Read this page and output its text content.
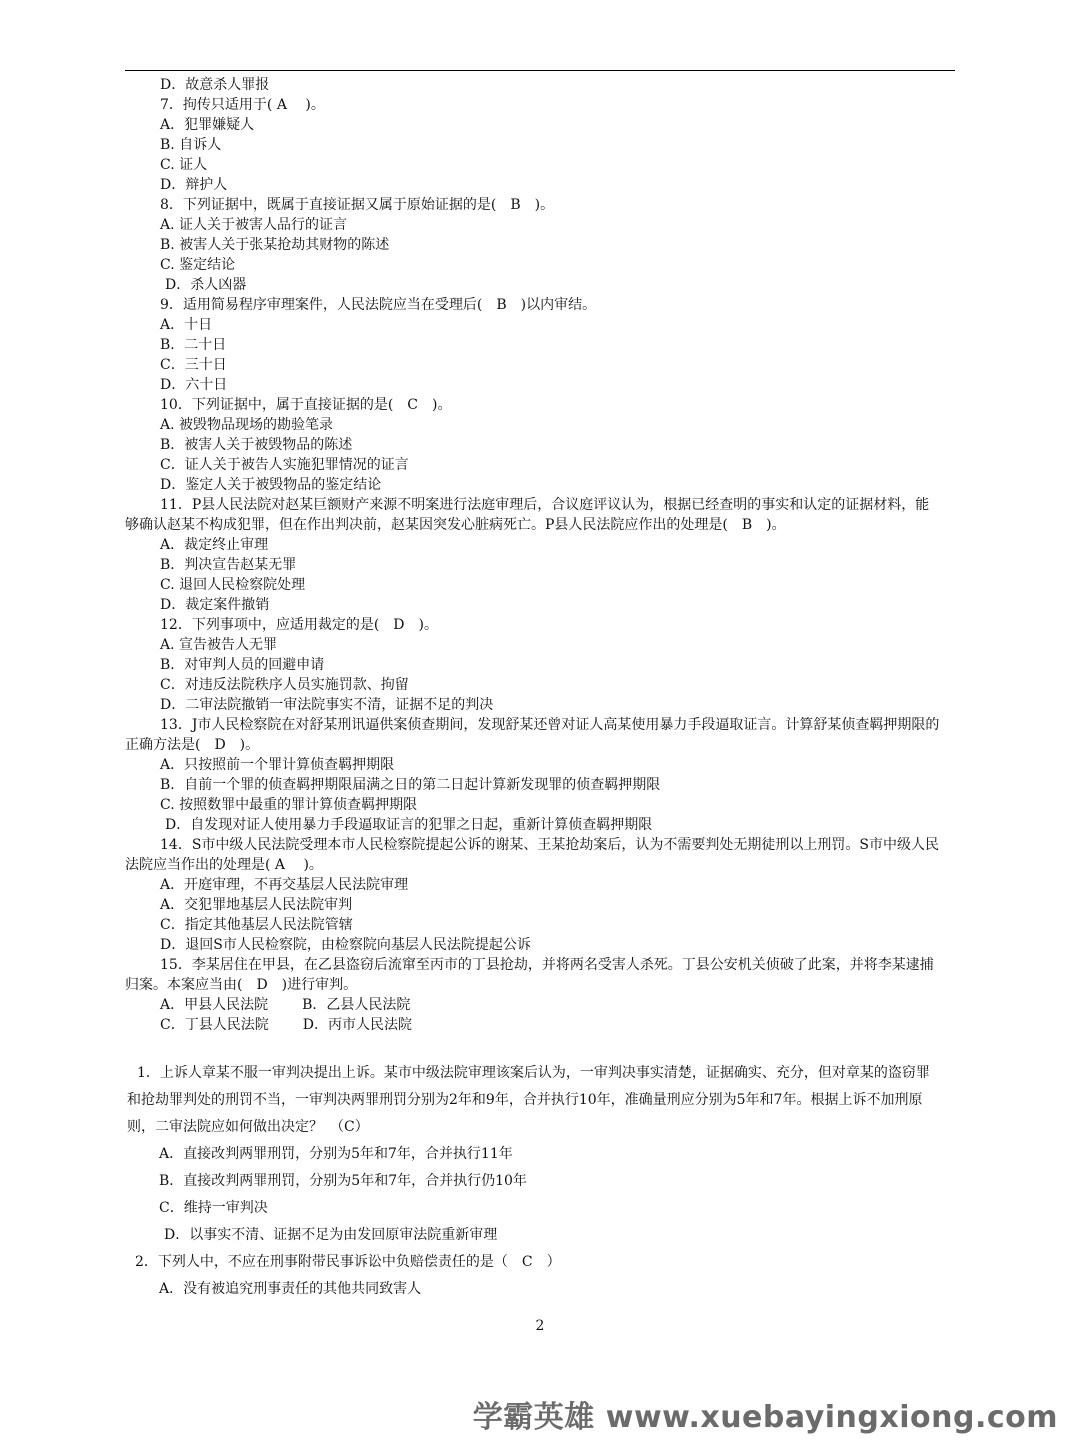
D．故意杀人罪报
7．拘传只适用于( A　 )。
A．犯罪嫌疑人
B. 自诉人
C. 证人
D．辩护人
8．下列证据中，既属于直接证据又属于原始证据的是(　B　)。
A. 证人关于被害人品行的证言
B. 被害人关于张某抢劫其财物的陈述
C. 鉴定结论
D．杀人凶器
9．适用简易程序审理案件，人民法院应当在受理后(　B　)以内审结。
A．十日
B．二十日
C．三十日
D．六十日
10．下列证据中，属于直接证据的是(　C　)。
A. 被毁物品现场的勘验笔录
B．被害人关于被毁物品的陈述
C．证人关于被告人实施犯罪情况的证言
D．鉴定人关于被毁物品的鉴定结论
11．P县人民法院对赵某巨额财产来源不明案进行法庭审理后，合议庭评议认为，根据已经查明的事实和认定的证据材料，能够确认赵某不构成犯罪，但在作出判决前，赵某因突发心脏病死亡。P县人民法院应作出的处理是(　B　)。
A．裁定终止审理
B．判决宣告赵某无罪
C. 退回人民检察院处理
D．裁定案件撤销
12．下列事项中，应适用裁定的是(　D　)。
A. 宣告被告人无罪
B．对审判人员的回避申请
C．对违反法院秩序人员实施罚款、拘留
D．二审法院撤销一审法院事实不清，证据不足的判决
13．J市人民检察院在对舒某刑讯逼供案侦查期间，发现舒某还曾对证人高某使用暴力手段逼取证言。计算舒某侦查羁押期限的正确方法是(　D　)。
A．只按照前一个罪计算侦查羁押期限
B．自前一个罪的侦查羁押期限届满之日的第二日起计算新发现罪的侦查羁押期限
C. 按照数罪中最重的罪计算侦查羁押期限
D．自发现对证人使用暴力手段逼取证言的犯罪之日起，重新计算侦查羁押期限
14．S市中级人民法院受理本市人民检察院提起公诉的谢某、王某抢劫案后，认为不需要判处无期徒刑以上刑罚。S市中级人民法院应当作出的处理是( A　 )。
A．开庭审理，不再交基层人民法院审理
A．交犯罪地基层人民法院审判
C．指定其他基层人民法院管辖
D．退回S市人民检察院，由检察院向基层人民法院提起公诉
15．李某居住在甲县，在乙县盗窃后流窜至丙市的丁县抢劫，并将两名受害人杀死。丁县公安机关侦破了此案，并将李某逮捕归案。本案应当由(　D　)进行审判。
A．甲县人民法院 B．乙县人民法院
C．丁县人民法院 D．丙市人民法院
1．上诉人章某不服一审判决提出上诉。某市中级法院审理该案后认为，一审判决事实清楚，证据确实、充分，但对章某的盗窃罪和抢劫罪判处的刑罚不当，一审判决两罪刑罚分别为2年和9年，合并执行10年，准确量刑应分别为5年和7年。根据上诉不加刑原则，二审法院应如何做出决定？　（C）
A．直接改判两罪刑罚，分别为5年和7年，合并执行11年
B．直接改判两罪刑罚，分别为5年和7年，合并执行仍10年
C．维持一审判决
D．以事实不清、证据不足为由发回原审法院重新审理
2．下列人中，不应在刑事附带民事诉讼中负赔偿责任的是（　C　）
A．没有被追究刑事责任的其他共同致害人
2
学霸英雄 www.xuebayingxiong.com
